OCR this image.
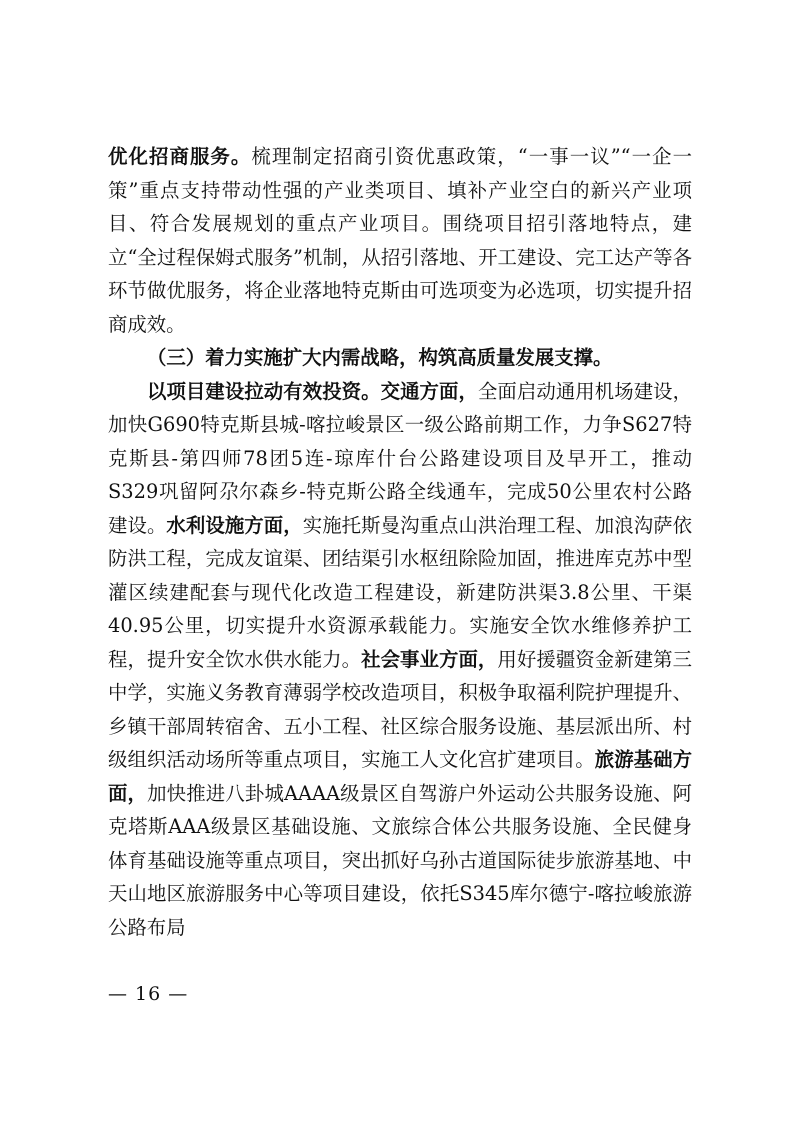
优化招商服务。梳理制定招商引资优惠政策，“一事一议”“一企一策”重点支持带动性强的产业类项目、填补产业空白的新兴产业项目、符合发展规划的重点产业项目。围绕项目招引落地特点，建立“全过程保姆式服务”机制，从招引落地、开工建设、完工达产等各环节做优服务，将企业落地特克斯由可选项变为必选项，切实提升招商成效。

（三）着力实施扩大内需战略，构筑高质量发展支撑。

以项目建设拉动有效投资。交通方面，全面启动通用机场建设，加快G690特克斯县城-喀拉峻景区一级公路前期工作，力争S627特克斯县-第四师78团5连-琼库什台公路建设项目及早开工，推动S329巩留阿尕尔森乡-特克斯公路全线通车，完成50公里农村公路建设。水利设施方面，实施托斯曼沟重点山洪治理工程、加浪沟萨依防洪工程，完成友谊渠、团结渠引水枢纽除险加固，推进库克苏中型灌区续建配套与现代化改造工程建设，新建防洪渠3.8公里、干渠40.95公里，切实提升水资源承载能力。实施安全饮水维修养护工程，提升安全饮水供水能力。社会事业方面，用好援疆资金新建第三中学，实施义务教育薄弱学校改造项目，积极争取福利院护理提升、乡镇干部周转宿舍、五小工程、社区综合服务设施、基层派出所、村级组织活动场所等重点项目，实施工人文化宫扩建项目。旅游基础方面，加快推进八卦城AAAA级景区自驾游户外运动公共服务设施、阿克塔斯AAA级景区基础设施、文旅综合体公共服务设施、全民健身体育基础设施等重点项目，突出抓好乌孙古道国际徒步旅游基地、中天山地区旅游服务中心等项目建设，依托S345库尔德宁-喀拉峻旅游公路布局

— 16 —
